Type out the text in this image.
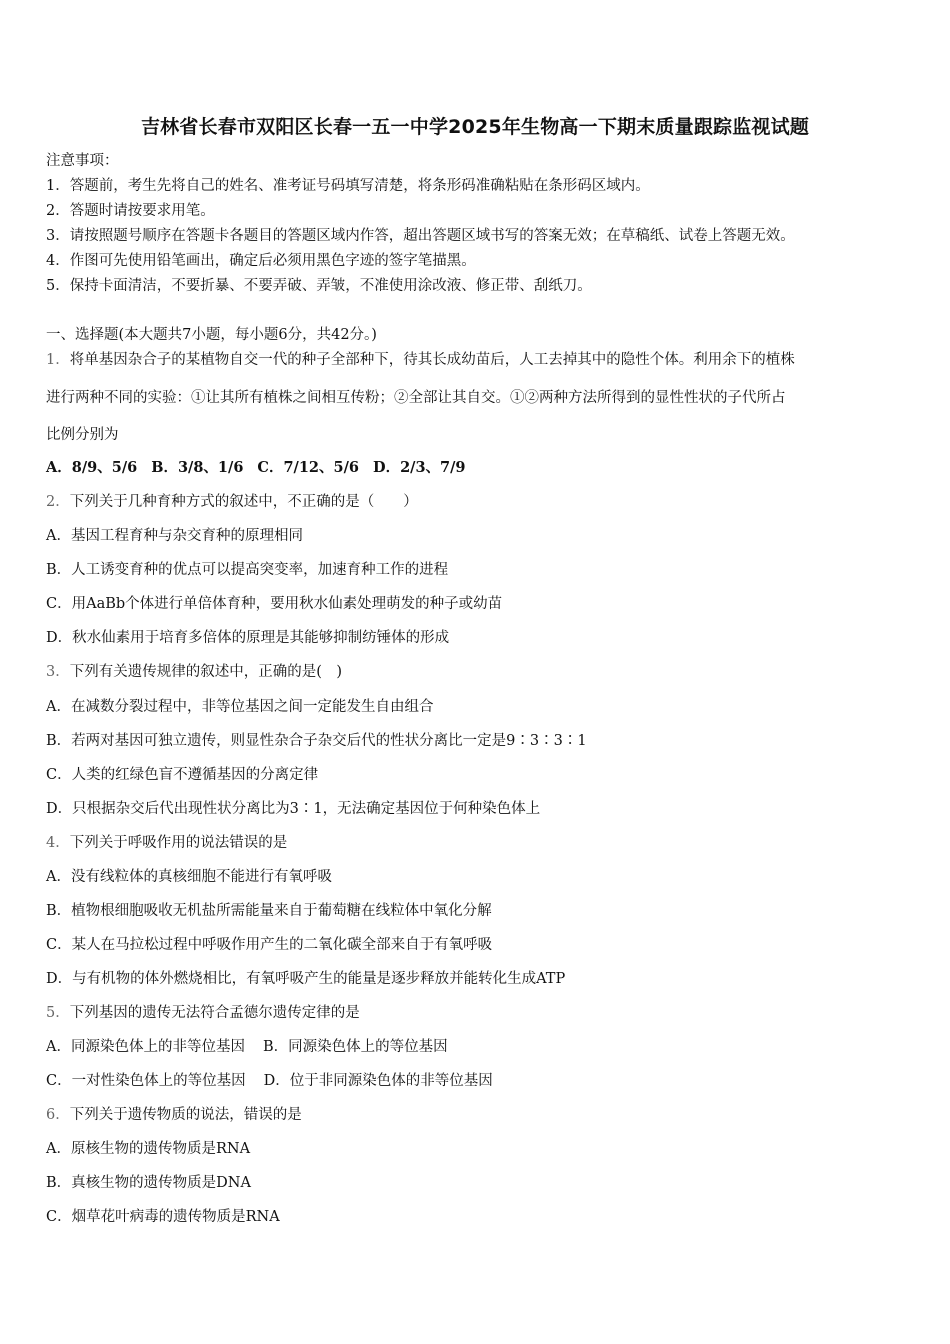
吉林省长春市双阳区长春一五一中学2025年生物高一下期末质量跟踪监视试题
注意事项：
1．答题前，考生先将自己的姓名、准考证号码填写清楚，将条形码准确粘贴在条形码区域内。
2．答题时请按要求用笔。
3．请按照题号顺序在答题卡各题目的答题区域内作答，超出答题区域书写的答案无效；在草稿纸、试卷上答题无效。
4．作图可先使用铅笔画出，确定后必须用黑色字迹的签字笔描黑。
5．保持卡面清洁，不要折暴、不要弄破、弄皱，不准使用涂改液、修正带、刮纸刀。
一、选择题(本大题共7小题，每小题6分，共42分。)
1．将单基因杂合子的某植物自交一代的种子全部种下，待其长成幼苗后，人工去掉其中的隐性个体。利用余下的植株
进行两种不同的实验：①让其所有植株之间相互传粉；②全部让其自交。①②两种方法所得到的显性性状的子代所占
比例分别为
A．8/9、5/6 B．3/8、1/6 C．7/12、5/6 D．2/3、7/9
2．下列关于几种育种方式的叙述中，不正确的是（　　）
A．基因工程育种与杂交育种的原理相同
B．人工诱变育种的优点可以提高突变率，加速育种工作的进程
C．用AaBb个体进行单倍体育种，要用秋水仙素处理萌发的种子或幼苗
D．秋水仙素用于培育多倍体的原理是其能够抑制纺锤体的形成
3．下列有关遗传规律的叙述中，正确的是(　)
A．在减数分裂过程中，非等位基因之间一定能发生自由组合
B．若两对基因可独立遗传，则显性杂合子杂交后代的性状分离比一定是9∶3∶3∶1
C．人类的红绿色盲不遵循基因的分离定律
D．只根据杂交后代出现性状分离比为3∶1，无法确定基因位于何种染色体上
4．下列关于呼吸作用的说法错误的是
A．没有线粒体的真核细胞不能进行有氧呼吸
B．植物根细胞吸收无机盐所需能量来自于葡萄糖在线粒体中氧化分解
C．某人在马拉松过程中呼吸作用产生的二氧化碳全部来自于有氧呼吸
D．与有机物的体外燃烧相比，有氧呼吸产生的能量是逐步释放并能转化生成ATP
5．下列基因的遗传无法符合孟德尔遗传定律的是
A．同源染色体上的非等位基因 B．同源染色体上的等位基因
C．一对性染色体上的等位基因 D．位于非同源染色体的非等位基因
6．下列关于遗传物质的说法，错误的是
A．原核生物的遗传物质是RNA
B．真核生物的遗传物质是DNA
C．烟草花叶病毒的遗传物质是RNA
